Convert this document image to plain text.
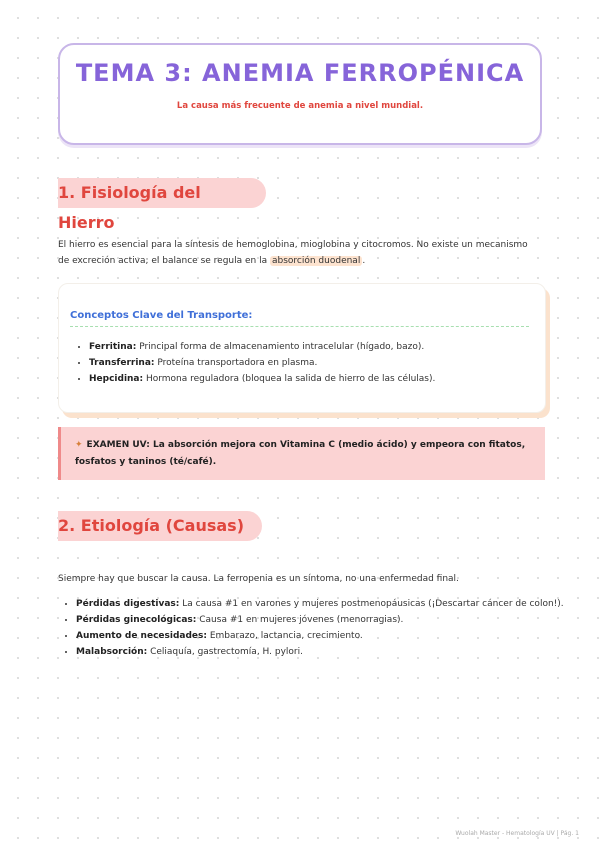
TEMA 3: ANEMIA FERROPÉNICA
La causa más frecuente de anemia a nivel mundial.
1. Fisiología del Hierro
El hierro es esencial para la síntesis de hemoglobina, mioglobina y citocromos. No existe un mecanismo de excreción activa; el balance se regula en la absorción duodenal .
Conceptos Clave del Transporte:
• Ferritina: Principal forma de almacenamiento intracelular (hígado, bazo).
• Transferrina: Proteína transportadora en plasma.
• Hepcidina: Hormona reguladora (bloquea la salida de hierro de las células).
✦ EXAMEN UV: La absorción mejora con Vitamina C (medio ácido) y empeora con fitatos, fosfatos y taninos (té/café).
2. Etiología (Causas)
Siempre hay que buscar la causa. La ferropenia es un síntoma, no una enfermedad final.
• Pérdidas digestivas: La causa #1 en varones y mujeres postmenopáusicas (¡Descartar cáncer de colon!).
• Pérdidas ginecológicas: Causa #1 en mujeres jóvenes (menorragias).
• Aumento de necesidades: Embarazo, lactancia, crecimiento.
• Malabsorción: Celiaquía, gastrectomía, H. pylori.
Wuolah Master - Hematología UV | Pág. 1
